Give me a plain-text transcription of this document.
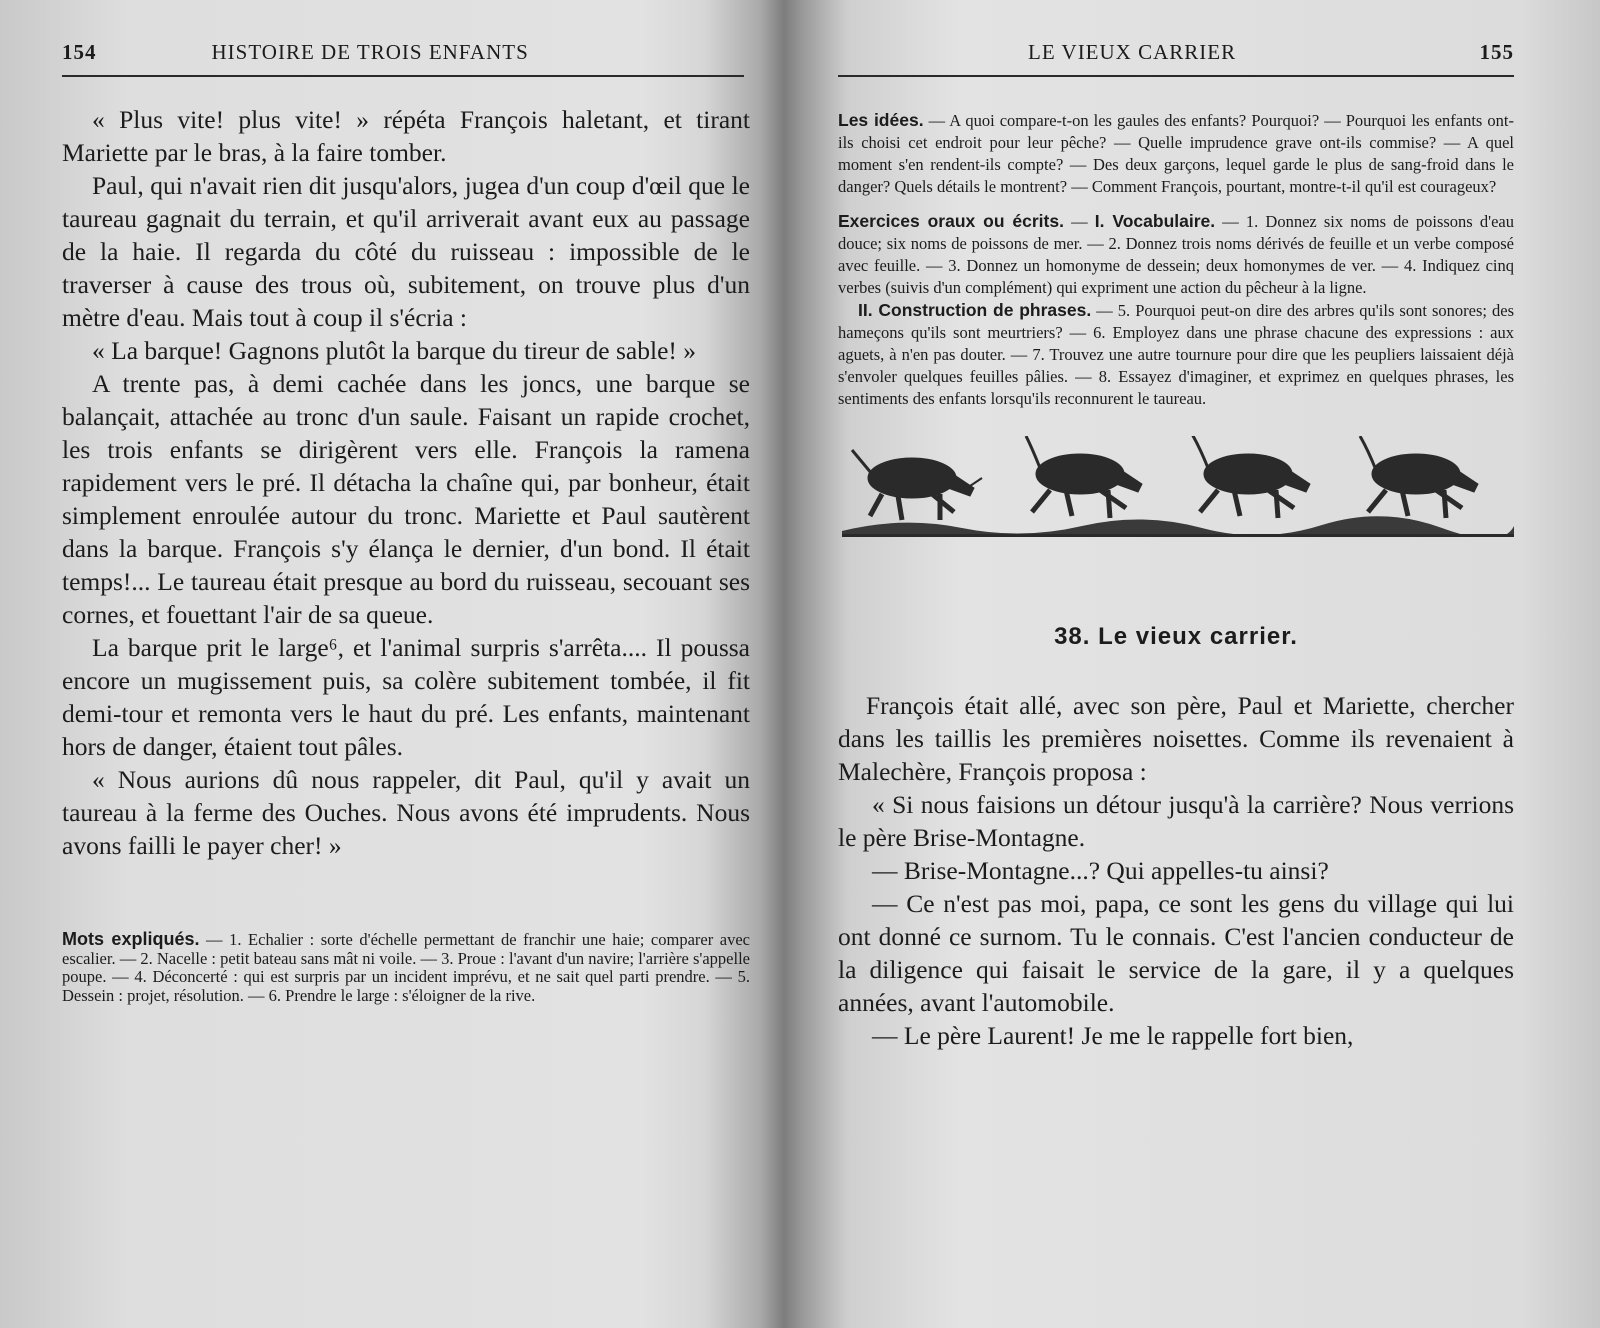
154	HISTOIRE DE TROIS ENFANTS

« Plus vite! plus vite! » répéta François haletant, et tirant Mariette par le bras, à la faire tomber.

Paul, qui n'avait rien dit jusqu'alors, jugea d'un coup d'œil que le taureau gagnait du terrain, et qu'il arriverait avant eux au passage de la haie. Il regarda du côté du ruisseau : impossible de le traverser à cause des trous où, subitement, on trouve plus d'un mètre d'eau. Mais tout à coup il s'écria :

« La barque! Gagnons plutôt la barque du tireur de sable! »

A trente pas, à demi cachée dans les joncs, une barque se balançait, attachée au tronc d'un saule. Faisant un rapide crochet, les trois enfants se dirigèrent vers elle. François la ramena rapidement vers le pré. Il détacha la chaîne qui, par bonheur, était simplement enroulée autour du tronc. Mariette et Paul sautèrent dans la barque. François s'y élança le dernier, d'un bond. Il était temps!... Le taureau était presque au bord du ruisseau, secouant ses cornes, et fouettant l'air de sa queue.

La barque prit le large⁶, et l'animal surpris s'arrêta.... Il poussa encore un mugissement puis, sa colère subitement tombée, il fit demi-tour et remonta vers le haut du pré. Les enfants, maintenant hors de danger, étaient tout pâles.

« Nous aurions dû nous rappeler, dit Paul, qu'il y avait un taureau à la ferme des Ouches. Nous avons été imprudents. Nous avons failli le payer cher! »

Mots expliqués. — 1. Echalier : sorte d'échelle permettant de franchir une haie; comparer avec escalier. — 2. Nacelle : petit bateau sans mât ni voile. — 3. Proue : l'avant d'un navire; l'arrière s'appelle poupe. — 4. Déconcerté : qui est surpris par un incident imprévu, et ne sait quel parti prendre. — 5. Dessein : projet, résolution. — 6. Prendre le large : s'éloigner de la rive.
LE VIEUX CARRIER	155

Les idées. — A quoi compare-t-on les gaules des enfants? Pourquoi? — Pourquoi les enfants ont-ils choisi cet endroit pour leur pêche? — Quelle imprudence grave ont-ils commise? — A quel moment s'en rendent-ils compte? — Des deux garçons, lequel garde le plus de sang-froid dans le danger? Quels détails le montrent? — Comment François, pourtant, montre-t-il qu'il est courageux?

Exercices oraux ou écrits. — I. Vocabulaire. — 1. Donnez six noms de poissons d'eau douce; six noms de poissons de mer. — 2. Donnez trois noms dérivés de feuille et un verbe composé avec feuille. — 3. Donnez un homonyme de dessein; deux homonymes de ver. — 4. Indiquez cinq verbes (suivis d'un complément) qui expriment une action du pêcheur à la ligne.

II. Construction de phrases. — 5. Pourquoi peut-on dire des arbres qu'ils sont sonores; des hameçons qu'ils sont meurtriers? — 6. Employez dans une phrase chacune des expressions : aux aguets, à n'en pas douter. — 7. Trouvez une autre tournure pour dire que les peupliers laissaient déjà s'envoler quelques feuilles pâlies. — 8. Essayez d'imaginer, et exprimez en quelques phrases, les sentiments des enfants lorsqu'ils reconnurent le taureau.

38. Le vieux carrier.

François était allé, avec son père, Paul et Mariette, chercher dans les taillis les premières noisettes. Comme ils revenaient à Malechère, François proposa :

« Si nous faisions un détour jusqu'à la carrière? Nous verrions le père Brise-Montagne.

— Brise-Montagne...? Qui appelles-tu ainsi?

— Ce n'est pas moi, papa, ce sont les gens du village qui lui ont donné ce surnom. Tu le connais. C'est l'ancien conducteur de la diligence qui faisait le service de la gare, il y a quelques années, avant l'automobile.

— Le père Laurent! Je me le rappelle fort bien,
